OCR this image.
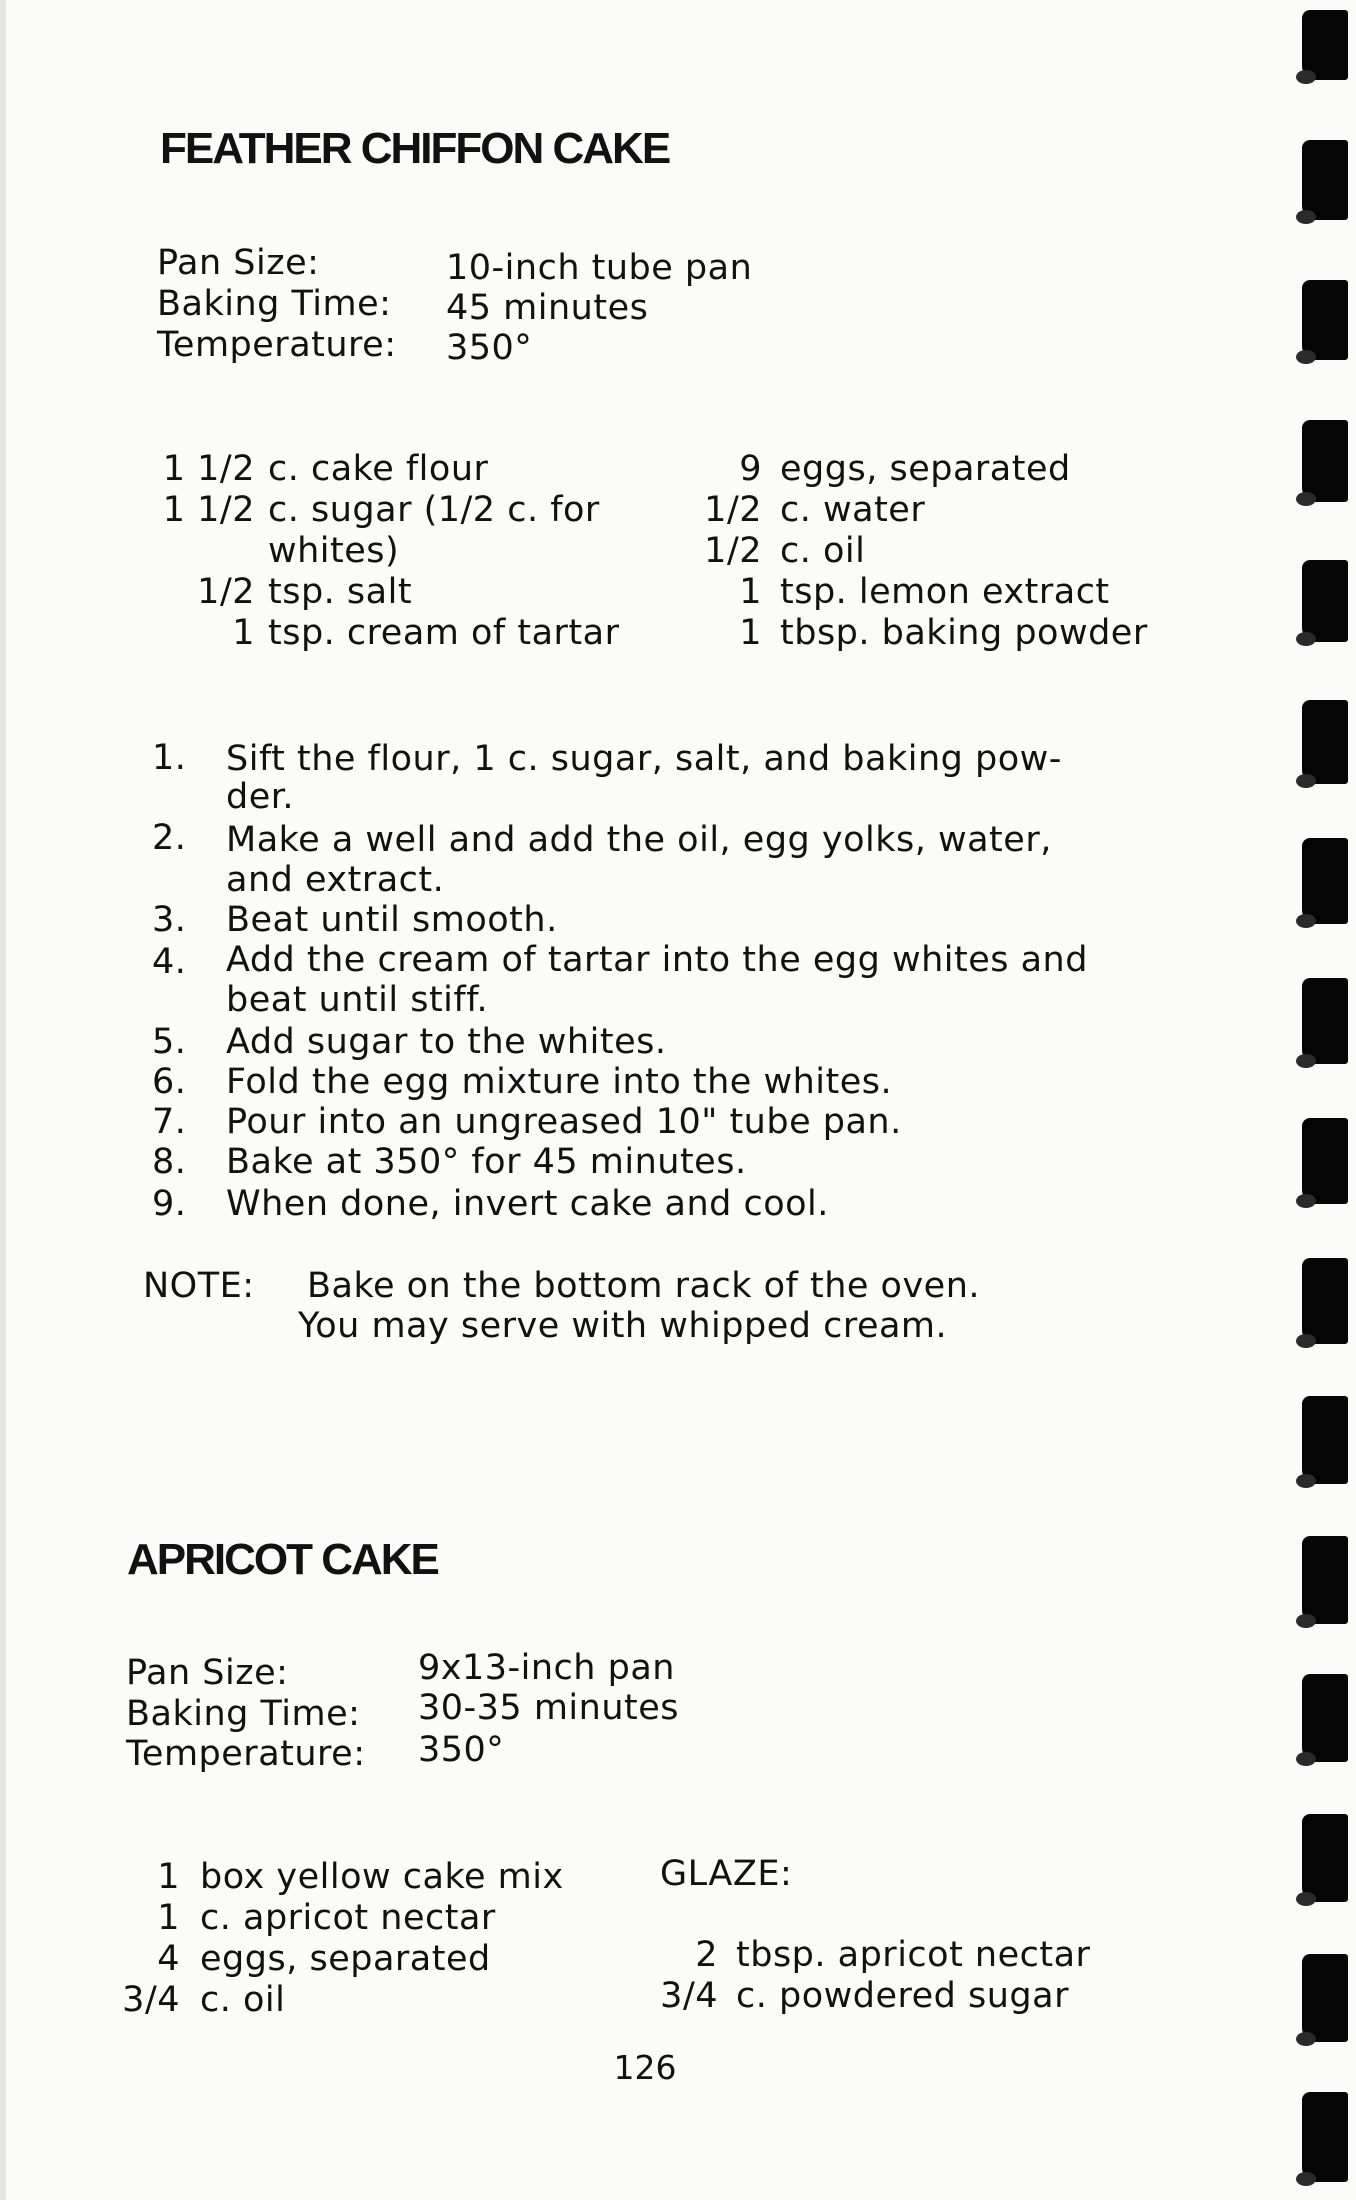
FEATHER CHIFFON CAKE
Pan Size:	10-inch tube pan
Baking Time: 45 minutes
Temperature: 350°
1 1/2 c. cake flour
1 1/2 c. sugar (1/2 c. for
whites)
1/2 tsp. salt
1 tsp. cream of tartar
9 eggs, separated
1/2 c. water
1/2 c. oil
1 tsp. lemon extract
1 tbsp. baking powder
1. Sift the flour, 1 c. sugar, salt, and baking pow-
der.
2. Make a well and add the oil, egg yolks, water,
and extract.
3. Beat until smooth.
4. Add the cream of tartar into the egg whites and
beat until stiff.
5. Add sugar to the whites.
6. Fold the egg mixture into the whites.
7. Pour into an ungreased 10" tube pan.
8. Bake at 350° for 45 minutes.
9. When done, invert cake and cool.
NOTE: Bake on the bottom rack of the oven.
You may serve with whipped cream.
APRICOT CAKE
Pan Size:	9x13-inch pan
Baking Time: 30-35 minutes
Temperature: 350°
1 box yellow cake mix
1 c. apricot nectar
4 eggs, separated
3/4 c. oil
GLAZE:
2 tbsp. apricot nectar
3/4 c. powdered sugar
126
